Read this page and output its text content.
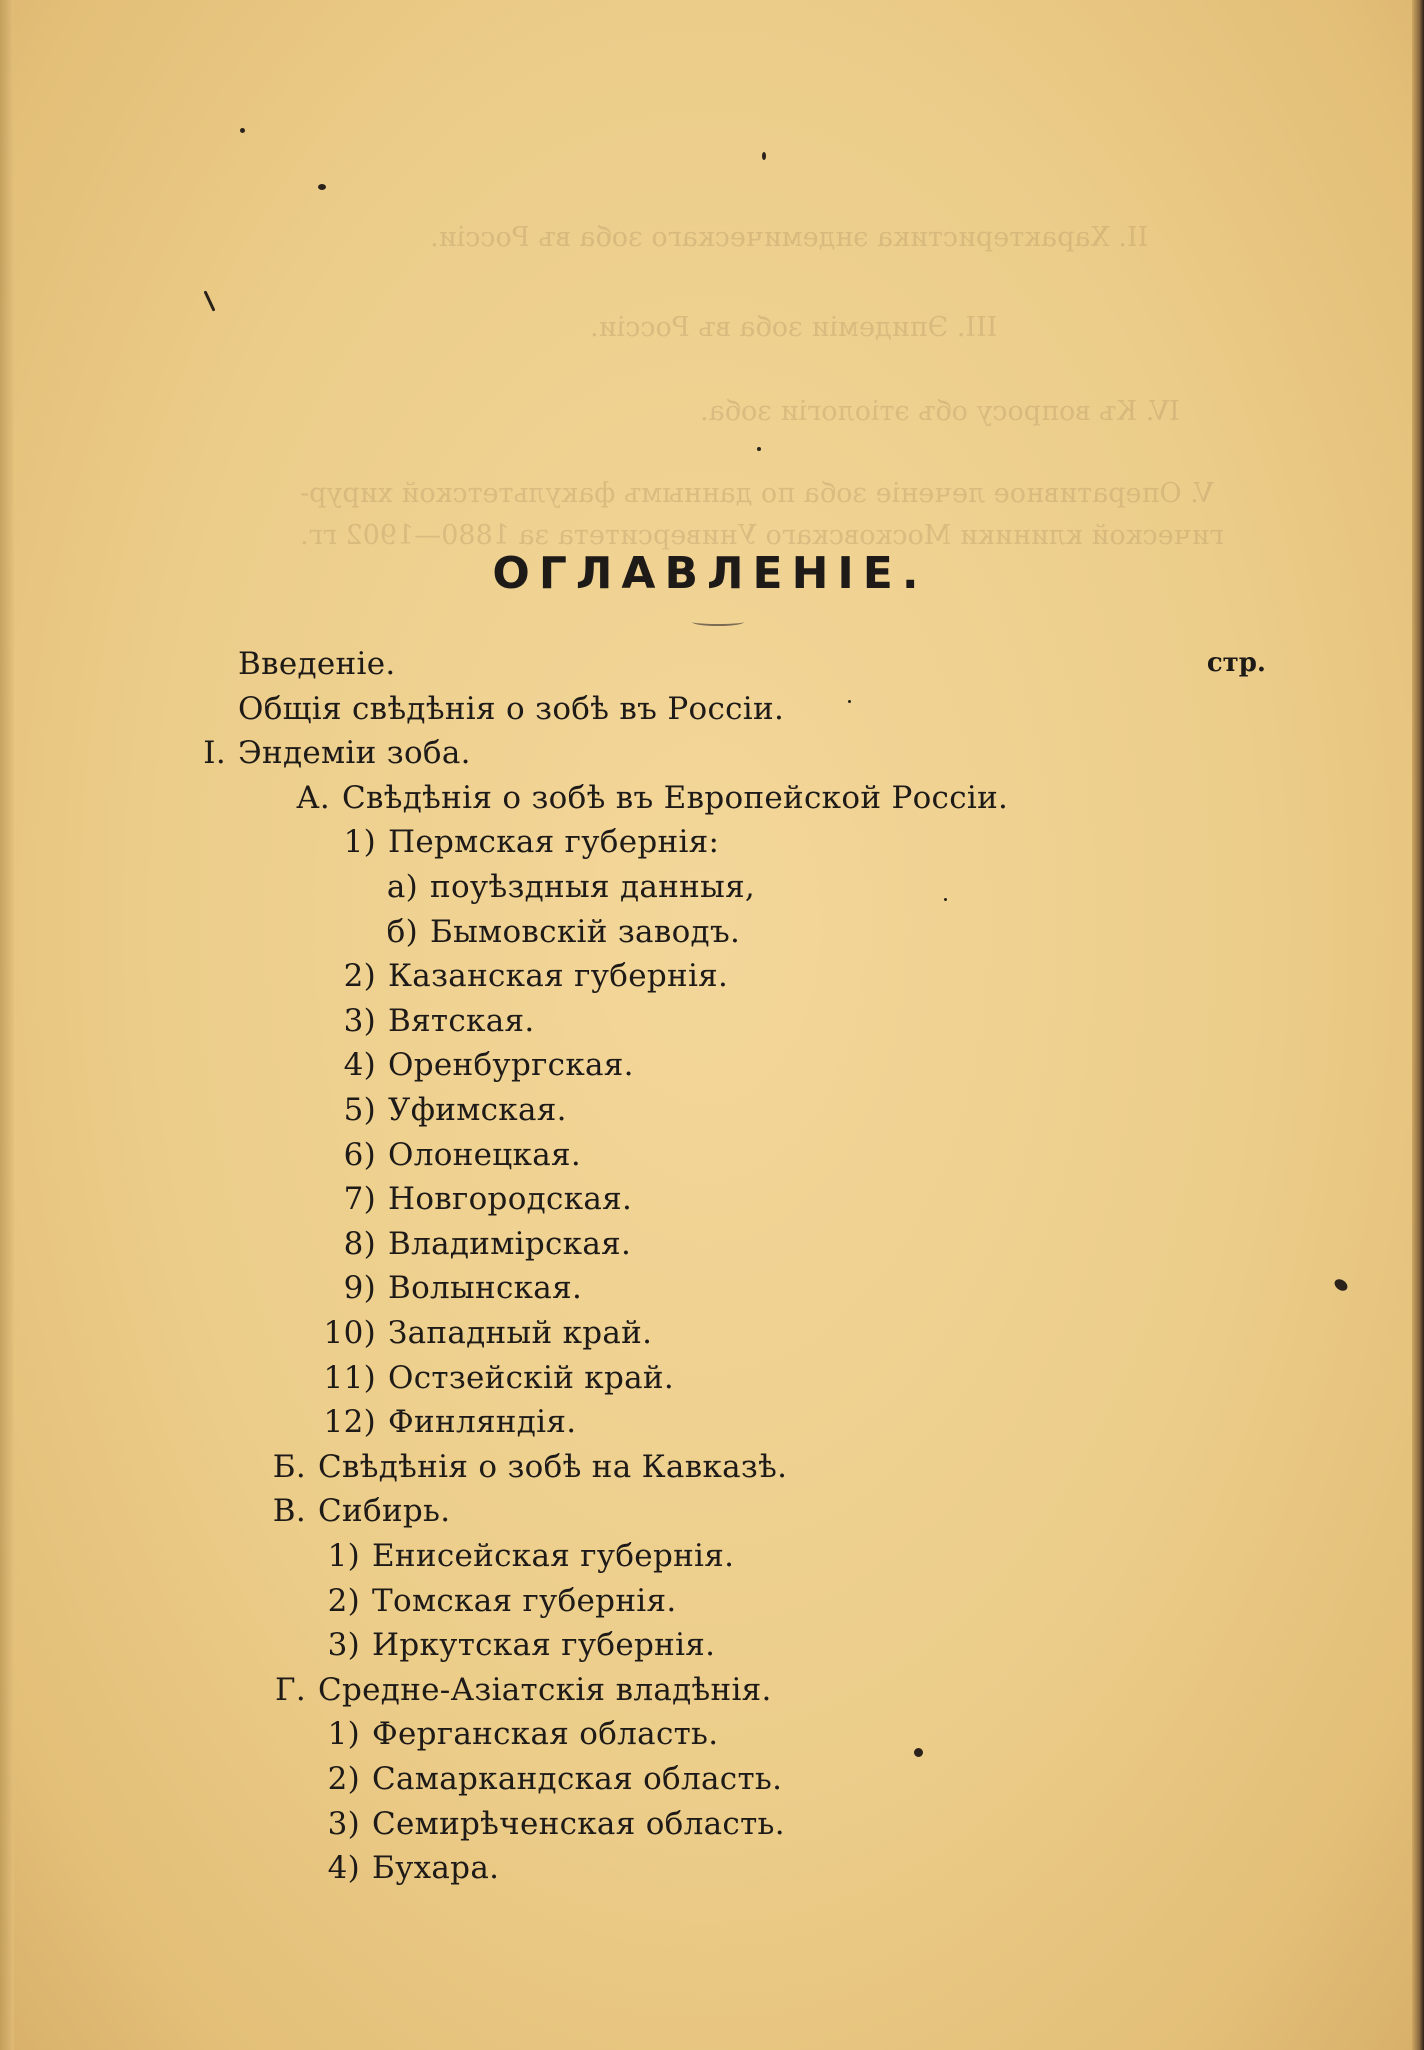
II. Характеристика эндемическаго зоба въ Россіи.
III. Эпидеміи зоба въ Россіи.
IV. Къ вопросу объ этіологіи зоба.
V. Оперативное леченіе зоба по даннымъ факультетской хирур-
гической клиники Московскаго Университета за 1880—1902 гг.
ОГЛАВЛЕНІЕ.
стр.
Введеніе.
Общія свѣдѣнія о зобѣ въ Россіи.
I. Эндеміи зоба.
А. Свѣдѣнія о зобѣ въ Европейской Россіи.
1) Пермская губернія:
а) поуѣздныя данныя,
б) Бымовскій заводъ.
2) Казанская губернія.
3) Вятская.
4) Оренбургская.
5) Уфимская.
6) Олонецкая.
7) Новгородская.
8) Владимірская.
9) Волынская.
10) Западный край.
11) Остзейскій край.
12) Финляндія.
Б. Свѣдѣнія о зобѣ на Кавказѣ.
В. Сибирь.
1) Енисейская губернія.
2) Томская губернія.
3) Иркутская губернія.
Г. Средне-Азіатскія владѣнія.
1) Ферганская область.
2) Самаркандская область.
3) Семирѣченская область.
4) Бухара.
